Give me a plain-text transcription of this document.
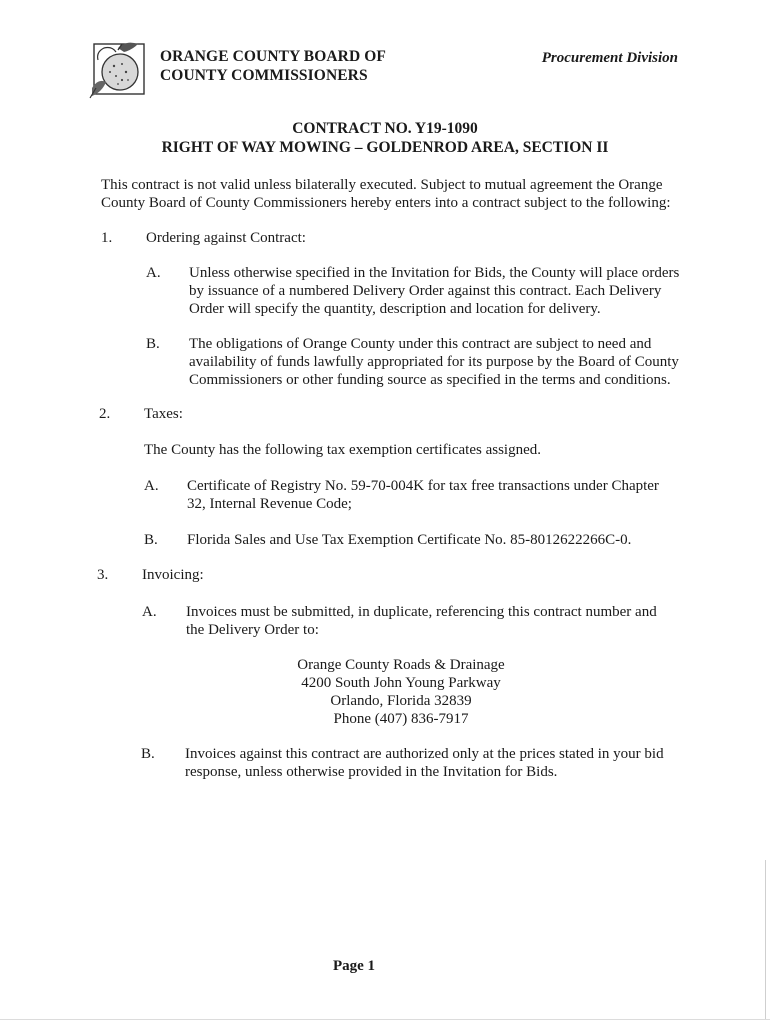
ORANGE COUNTY BOARD OF
COUNTY COMMISSIONERS
Procurement Division
CONTRACT NO. Y19-1090
RIGHT OF WAY MOWING – GOLDENROD AREA, SECTION II
This contract is not valid unless bilaterally executed. Subject to mutual agreement the Orange
County Board of County Commissioners hereby enters into a contract subject to the following:
1. Ordering against Contract:
A. Unless otherwise specified in the Invitation for Bids, the County will place orders
by issuance of a numbered Delivery Order against this contract. Each Delivery
Order will specify the quantity, description and location for delivery.
B. The obligations of Orange County under this contract are subject to need and
availability of funds lawfully appropriated for its purpose by the Board of County
Commissioners or other funding source as specified in the terms and conditions.
2. Taxes:
The County has the following tax exemption certificates assigned.
A. Certificate of Registry No. 59-70-004K for tax free transactions under Chapter
32, Internal Revenue Code;
B. Florida Sales and Use Tax Exemption Certificate No. 85-8012622266C-0.
3. Invoicing:
A. Invoices must be submitted, in duplicate, referencing this contract number and
the Delivery Order to:
Orange County Roads & Drainage
4200 South John Young Parkway
Orlando, Florida 32839
Phone (407) 836-7917
B. Invoices against this contract are authorized only at the prices stated in your bid
response, unless otherwise provided in the Invitation for Bids.
Page 1
